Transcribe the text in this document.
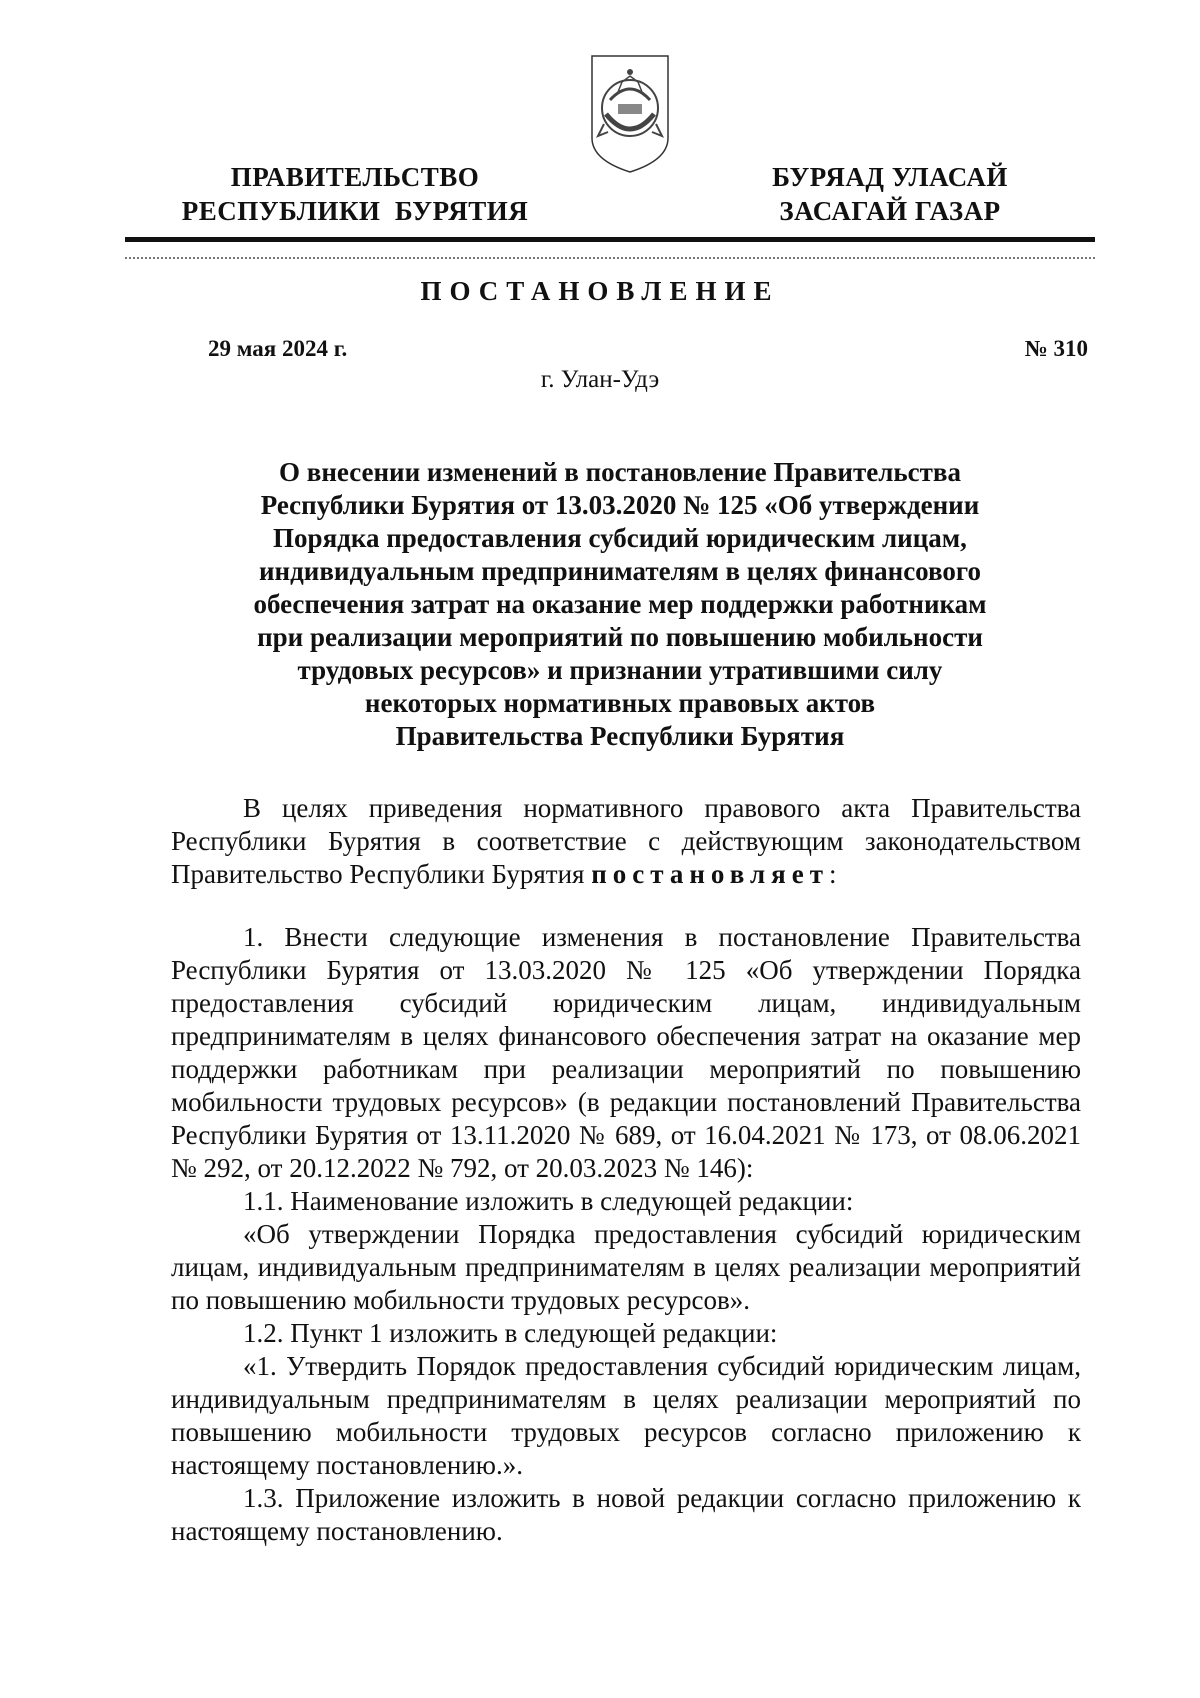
ПРАВИТЕЛЬСТВО
РЕСПУБЛИКИ  БУРЯТИЯ
БУРЯАД УЛАСАЙ
ЗАСАГАЙ ГАЗАР
ПОСТАНОВЛЕНИЕ
29 мая 2024 г.	№ 310
г. Улан-Удэ
О внесении изменений в постановление Правительства
Республики Бурятия от 13.03.2020 № 125 «Об утверждении
Порядка предоставления субсидий юридическим лицам,
индивидуальным предпринимателям в целях финансового
обеспечения затрат на оказание мер поддержки работникам
при реализации мероприятий по повышению мобильности
трудовых ресурсов» и признании утратившими силу
некоторых нормативных правовых актов
Правительства Республики Бурятия

В целях приведения нормативного правового акта Правительства Республики Бурятия в соответствие с действующим законодательством Правительство Республики Бурятия постановляет:

1. Внести следующие изменения в постановление Правительства Республики Бурятия от 13.03.2020 № 125 «Об утверждении Порядка предоставления субсидий юридическим лицам, индивидуальным предпринимателям в целях финансового обеспечения затрат на оказание мер поддержки работникам при реализации мероприятий по повышению мобильности трудовых ресурсов» (в редакции постановлений Правительства Республики Бурятия от 13.11.2020 № 689, от 16.04.2021 № 173, от 08.06.2021 № 292, от 20.12.2022 № 792, от 20.03.2023 № 146):

1.1. Наименование изложить в следующей редакции:

«Об утверждении Порядка предоставления субсидий юридическим лицам, индивидуальным предпринимателям в целях реализации мероприятий по повышению мобильности трудовых ресурсов».

1.2. Пункт 1 изложить в следующей редакции:

«1. Утвердить Порядок предоставления субсидий юридическим лицам, индивидуальным предпринимателям в целях реализации мероприятий по повышению мобильности трудовых ресурсов согласно приложению к настоящему постановлению.».

1.3. Приложение изложить в новой редакции согласно приложению к настоящему постановлению.
